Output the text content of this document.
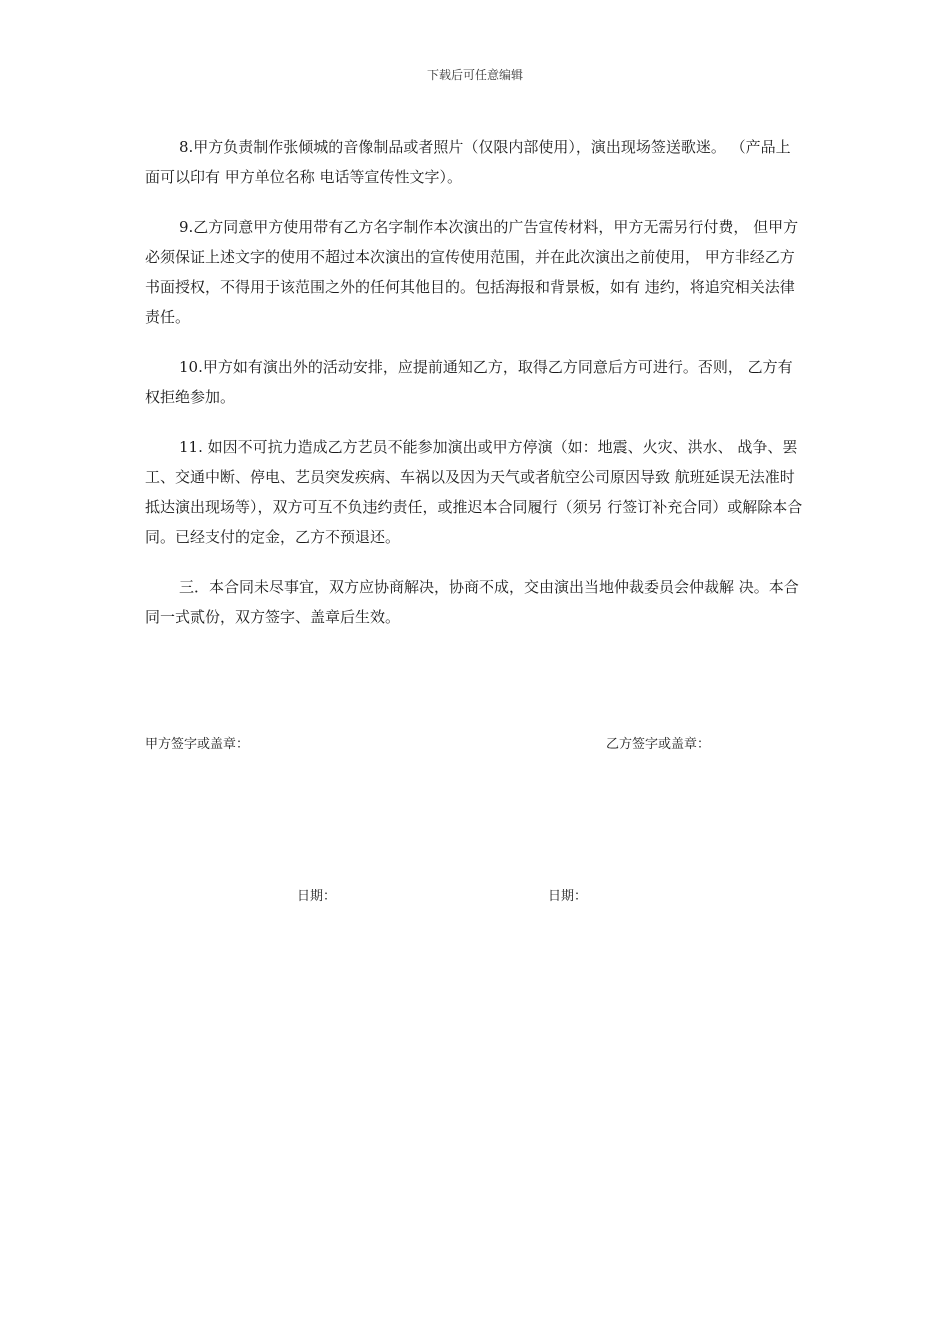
下载后可任意编辑

8.甲方负责制作张倾城的音像制品或者照片（仅限内部使用），演出现场签送歌迷。 （产品上面可以印有 甲方单位名称 电话等宣传性文字）。

9.乙方同意甲方使用带有乙方名字制作本次演出的广告宣传材料，甲方无需另行付费， 但甲方必须保证上述文字的使用不超过本次演出的宣传使用范围，并在此次演出之前使用， 甲方非经乙方书面授权，不得用于该范围之外的任何其他目的。包括海报和背景板，如有 违约，将追究相关法律责任。

10.甲方如有演出外的活动安排，应提前通知乙方，取得乙方同意后方可进行。否则， 乙方有权拒绝参加。

11. 如因不可抗力造成乙方艺员不能参加演出或甲方停演（如：地震、火灾、洪水、 战争、罢工、交通中断、停电、艺员突发疾病、车祸以及因为天气或者航空公司原因导致 航班延误无法准时抵达演出现场等），双方可互不负违约责任，或推迟本合同履行（须另 行签订补充合同）或解除本合同。已经支付的定金，乙方不预退还。

三．本合同未尽事宜，双方应协商解决，协商不成，交由演出当地仲裁委员会仲裁解 决。本合同一式贰份，双方签字、盖章后生效。

甲方签字或盖章：	乙方签字或盖章：
日期：	日期：
